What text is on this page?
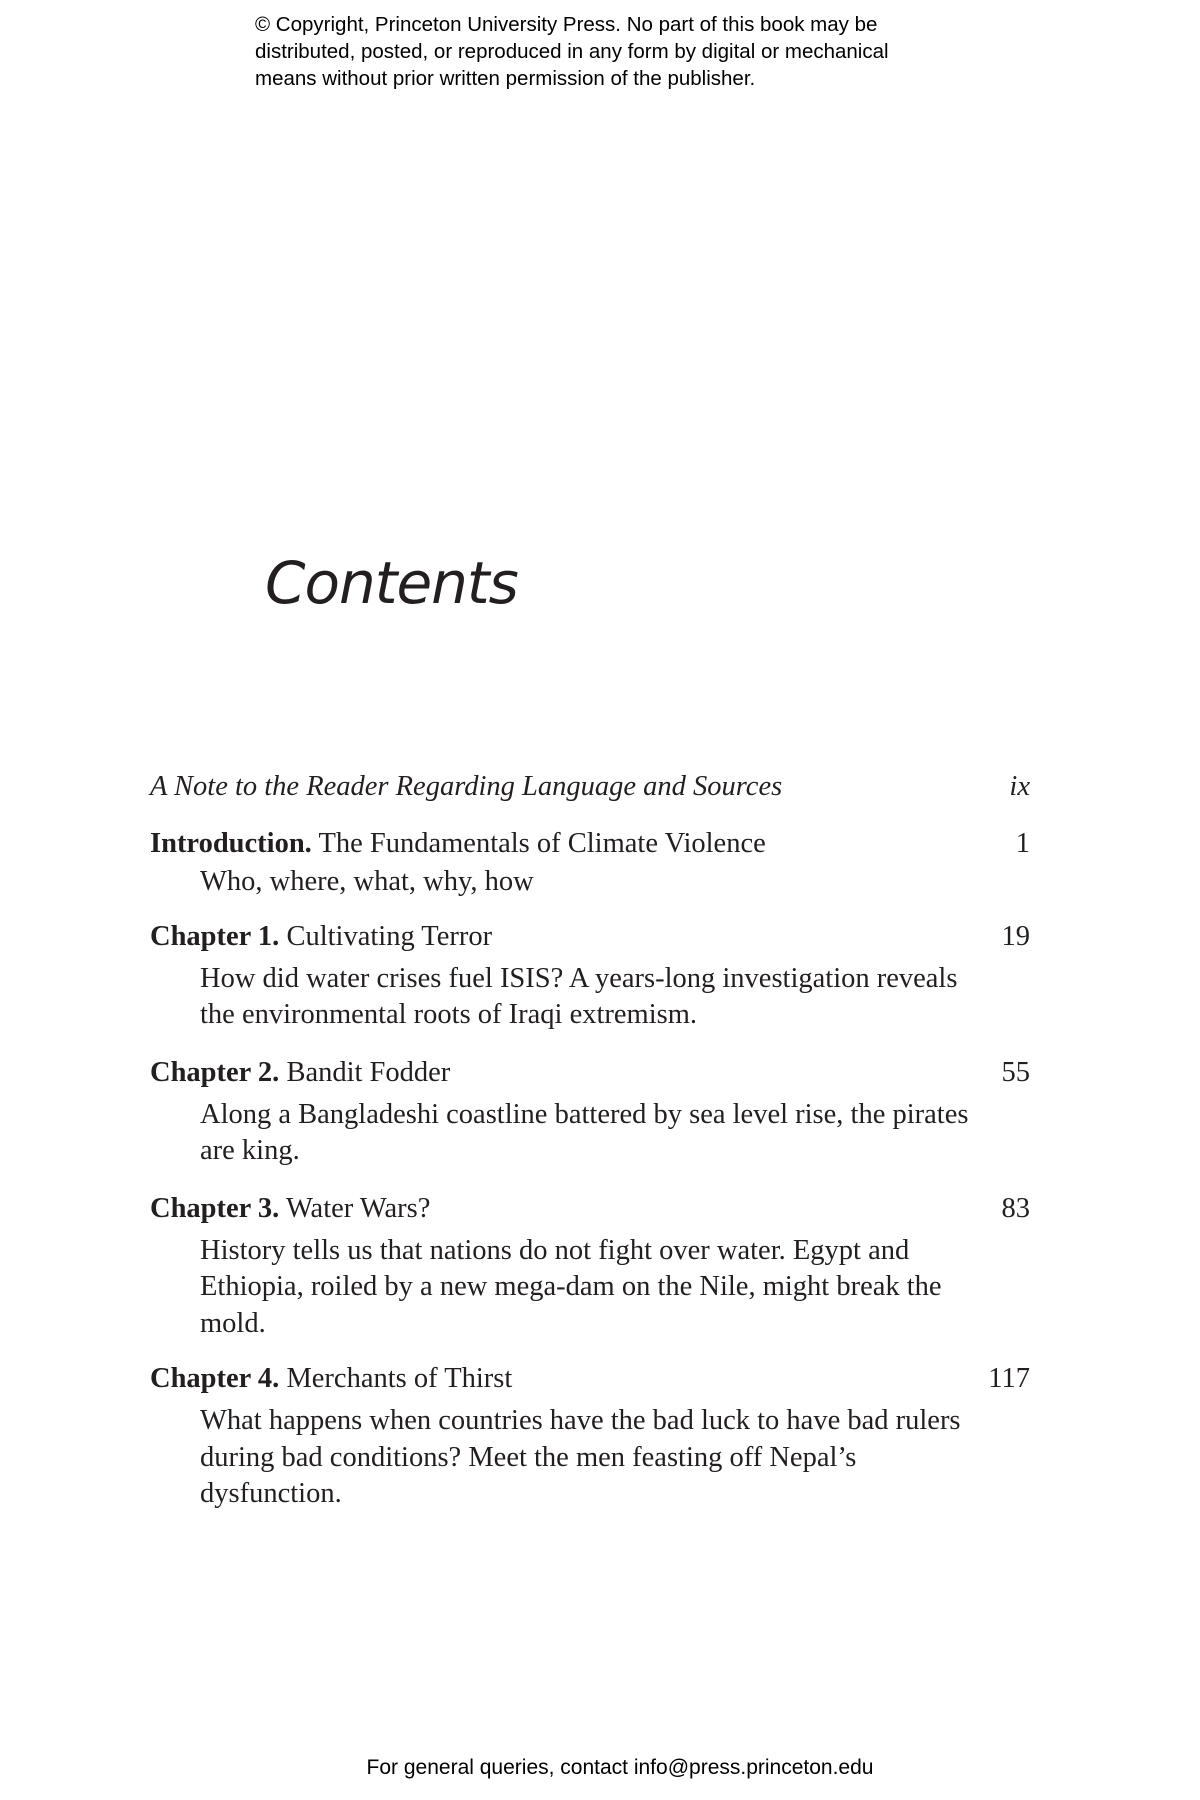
© Copyright, Princeton University Press. No part of this book may be
distributed, posted, or reproduced in any form by digital or mechanical
means without prior written permission of the publisher.
Contents
A Note to the Reader Regarding Language and Sources	ix
Introduction. The Fundamentals of Climate Violence	1

Who, where, what, why, how

Chapter 1. Cultivating Terror	19

How did water crises fuel ISIS? A years-long investigation reveals the environmental roots of Iraqi extremism.

Chapter 2. Bandit Fodder	55

Along a Bangladeshi coastline battered by sea level rise, the pirates are king.

Chapter 3. Water Wars?	83

History tells us that nations do not fight over water. Egypt and Ethiopia, roiled by a new mega-dam on the Nile, might break the mold.

Chapter 4. Merchants of Thirst	117

What happens when countries have the bad luck to have bad rulers during bad conditions? Meet the men feasting off Nepal’s dysfunction.

For general queries, contact info@press.princeton.edu
